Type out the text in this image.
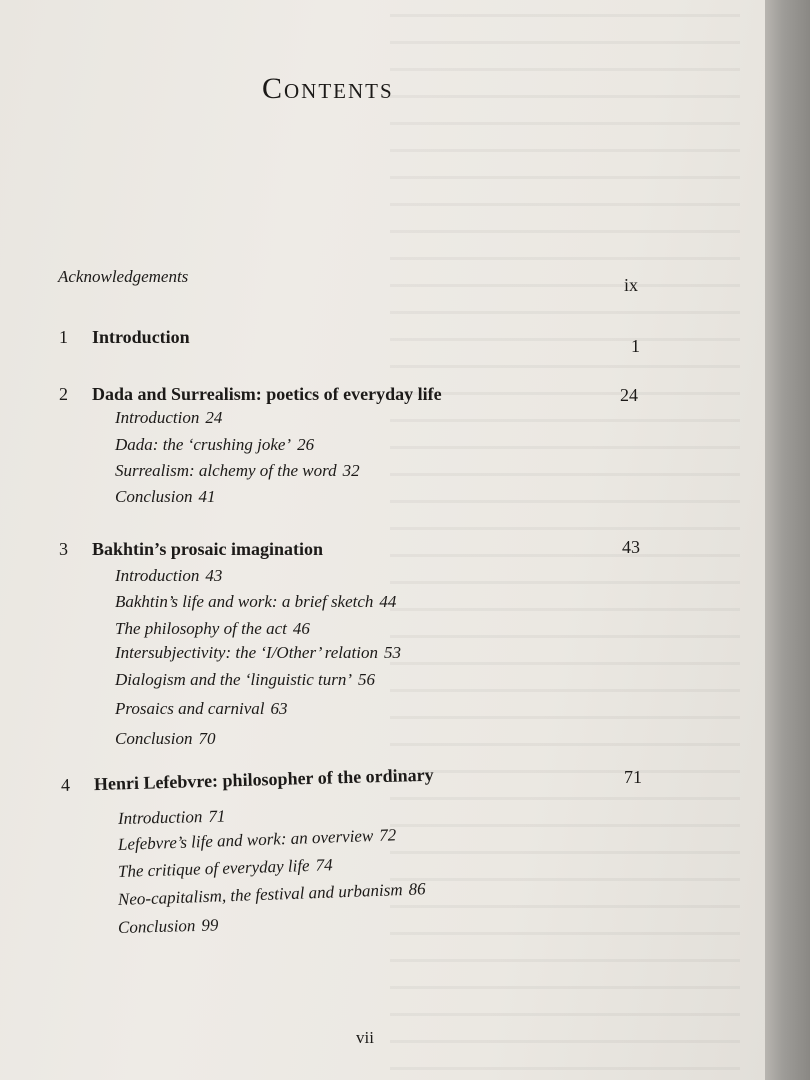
Contents
Acknowledgements	ix
1 Introduction	1
2 Dada and Surrealism: poetics of everyday life	24
Introduction 24
Dada: the ‘crushing joke’ 26
Surrealism: alchemy of the word 32
Conclusion 41
3 Bakhtin’s prosaic imagination	43
Introduction 43
Bakhtin’s life and work: a brief sketch 44
The philosophy of the act 46
Intersubjectivity: the ‘I/Other’ relation 53
Dialogism and the ‘linguistic turn’ 56
Prosaics and carnival 63
Conclusion 70
4 Henri Lefebvre: philosopher of the ordinary	71
Introduction 71
Lefebvre’s life and work: an overview 72
The critique of everyday life 74
Neo-capitalism, the festival and urbanism 86
Conclusion 99
vii
